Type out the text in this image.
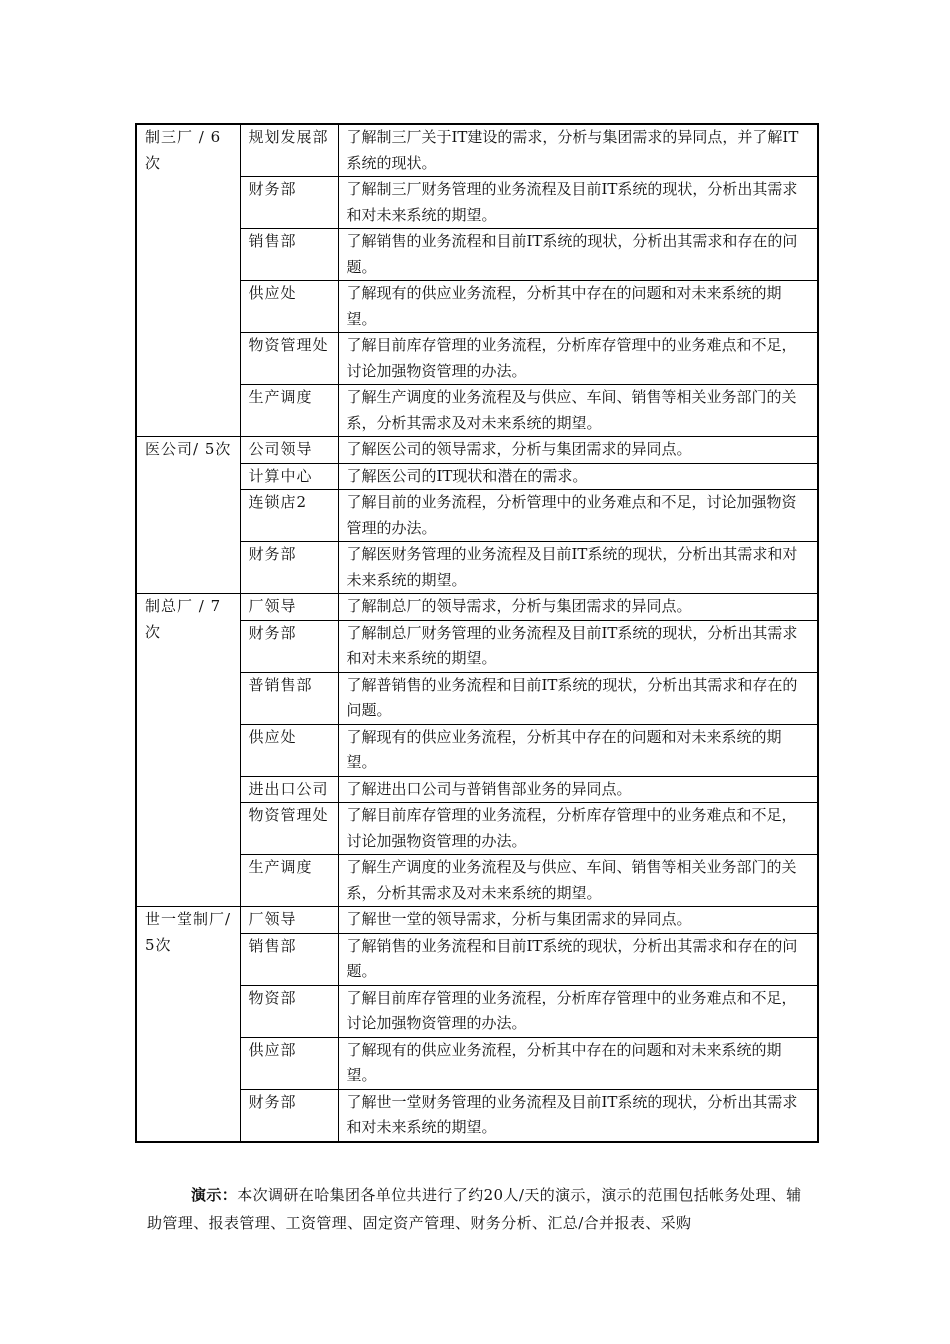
制三厂 / 6次	规划发展部	了解制三厂关于IT建设的需求，分析与集团需求的异同点，并了解IT系统的现状。
	财务部	了解制三厂财务管理的业务流程及目前IT系统的现状，分析出其需求和对未来系统的期望。
	销售部	了解销售的业务流程和目前IT系统的现状，分析出其需求和存在的问题。
	供应处	了解现有的供应业务流程，分析其中存在的问题和对未来系统的期望。
	物资管理处	了解目前库存管理的业务流程，分析库存管理中的业务难点和不足，讨论加强物资管理的办法。
	生产调度	了解生产调度的业务流程及与供应、车间、销售等相关业务部门的关系，分析其需求及对未来系统的期望。
医公司/ 5次	公司领导	了解医公司的领导需求，分析与集团需求的异同点。
	计算中心	了解医公司的IT现状和潜在的需求。
	连锁店2	了解目前的业务流程，分析管理中的业务难点和不足，讨论加强物资管理的办法。
	财务部	了解医财务管理的业务流程及目前IT系统的现状，分析出其需求和对未来系统的期望。
制总厂 / 7次	厂领导	了解制总厂的领导需求，分析与集团需求的异同点。
	财务部	了解制总厂财务管理的业务流程及目前IT系统的现状，分析出其需求和对未来系统的期望。
	普销售部	了解普销售的业务流程和目前IT系统的现状，分析出其需求和存在的问题。
	供应处	了解现有的供应业务流程，分析其中存在的问题和对未来系统的期望。
	进出口公司	了解进出口公司与普销售部业务的异同点。
	物资管理处	了解目前库存管理的业务流程，分析库存管理中的业务难点和不足，讨论加强物资管理的办法。
	生产调度	了解生产调度的业务流程及与供应、车间、销售等相关业务部门的关系，分析其需求及对未来系统的期望。
世一堂制厂/ 5次	厂领导	了解世一堂的领导需求，分析与集团需求的异同点。
	销售部	了解销售的业务流程和目前IT系统的现状，分析出其需求和存在的问题。
	物资部	了解目前库存管理的业务流程，分析库存管理中的业务难点和不足，讨论加强物资管理的办法。
	供应部	了解现有的供应业务流程，分析其中存在的问题和对未来系统的期望。
	财务部	了解世一堂财务管理的业务流程及目前IT系统的现状，分析出其需求和对未来系统的期望。

演示：本次调研在哈集团各单位共进行了约20人/天的演示，演示的范围包括帐务处理、辅助管理、报表管理、工资管理、固定资产管理、财务分析、汇总/合并报表、采购
